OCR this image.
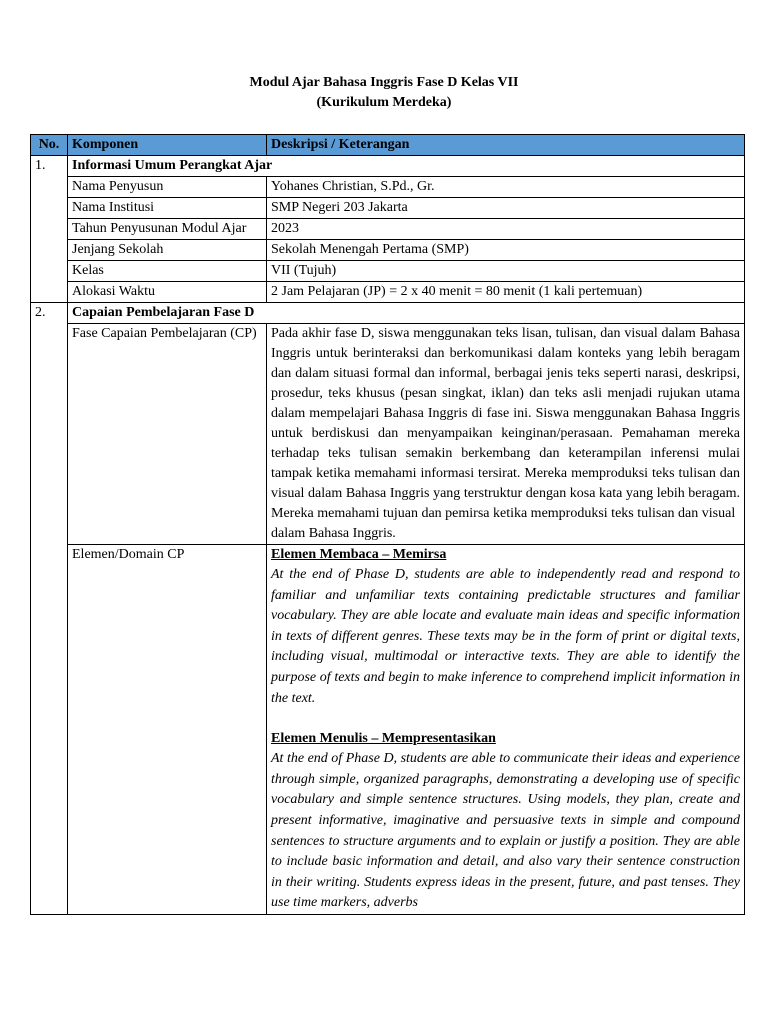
Modul Ajar Bahasa Inggris Fase D Kelas VII
(Kurikulum Merdeka)
No.	Komponen	Deskripsi / Keterangan
1.	Informasi Umum Perangkat Ajar	
	Nama Penyusun	Yohanes Christian, S.Pd., Gr.
	Nama Institusi	SMP Negeri 203 Jakarta
	Tahun Penyusunan Modul Ajar	2023
	Jenjang Sekolah	Sekolah Menengah Pertama (SMP)
	Kelas	VII (Tujuh)
	Alokasi Waktu	2 Jam Pelajaran (JP) = 2 x 40 menit = 80 menit (1 kali pertemuan)
2.	Capaian Pembelajaran Fase D	
	Fase Capaian Pembelajaran (CP)	Pada akhir fase D, siswa menggunakan teks lisan, tulisan, dan visual dalam Bahasa Inggris untuk berinteraksi dan berkomunikasi dalam konteks yang lebih beragam dan dalam situasi formal dan informal, berbagai jenis teks seperti narasi, deskripsi, prosedur, teks khusus (pesan singkat, iklan) dan teks asli menjadi rujukan utama dalam mempelajari Bahasa Inggris di fase ini. Siswa menggunakan Bahasa Inggris untuk berdiskusi dan menyampaikan keinginan/perasaan. Pemahaman mereka terhadap teks tulisan semakin berkembang dan keterampilan inferensi mulai tampak ketika memahami informasi tersirat. Mereka memproduksi teks tulisan dan visual dalam Bahasa Inggris yang terstruktur dengan kosa kata yang lebih beragam. Mereka memahami tujuan dan pemirsa ketika memproduksi teks tulisan dan visual
dalam Bahasa Inggris.

	Elemen/Domain CP	Elemen Membaca – Memirsa
At the end of Phase D, students are able to independently read and respond to familiar and unfamiliar texts containing predictable structures and familiar vocabulary. They are able locate and evaluate main ideas and specific information in texts of different genres. These texts may be in the form of print or digital texts, including visual, multimodal or interactive texts. They are able to identify the purpose of texts and begin to make inference to comprehend implicit information in the text.
Elemen Menulis – Mempresentasikan
At the end of Phase D, students are able to communicate their ideas and experience through simple, organized paragraphs, demonstrating a developing use of specific vocabulary and simple sentence structures. Using models, they plan, create and present informative, imaginative and persuasive texts in simple and compound sentences to structure arguments and to explain or justify a position. They are able to include basic information and detail, and also vary their sentence construction in their writing. Students express ideas in the present, future, and past tenses. They use time markers, adverbs
